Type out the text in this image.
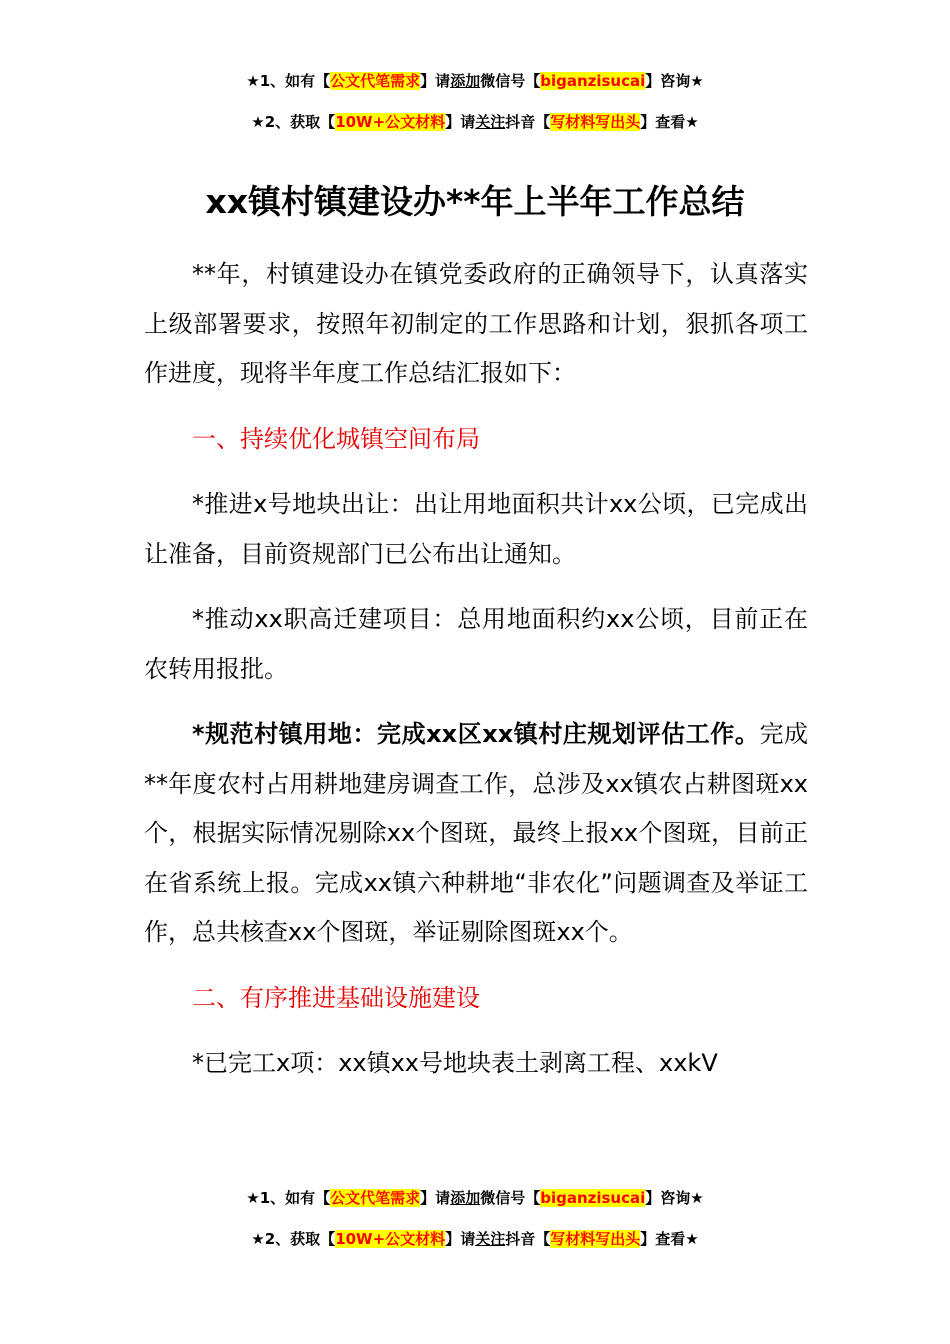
★1、如有【公文代笔需求】请添加微信号【biganzisucai】咨询★
★2、获取【10W+公文材料】请关注抖音【写材料写出头】查看★
xx镇村镇建设办**年上半年工作总结

**年，村镇建设办在镇党委政府的正确领导下，认真落实上级部署要求，按照年初制定的工作思路和计划，狠抓各项工作进度，现将半年度工作总结汇报如下：

一、持续优化城镇空间布局

*推进x号地块出让：出让用地面积共计xx公顷，已完成出让准备，目前资规部门已公布出让通知。

*推动xx职高迁建项目：总用地面积约xx公顷，目前正在农转用报批。

*规范村镇用地：完成xx区xx镇村庄规划评估工作。完成**年度农村占用耕地建房调查工作，总涉及xx镇农占耕图斑xx个，根据实际情况剔除xx个图斑，最终上报xx个图斑，目前正在省系统上报。完成xx镇六种耕地“非农化”问题调查及举证工作，总共核查xx个图斑，举证剔除图斑xx个。

二、有序推进基础设施建设

*已完工x项：xx镇xx号地块表土剥离工程、xxkV

★1、如有【公文代笔需求】请添加微信号【biganzisucai】咨询★
★2、获取【10W+公文材料】请关注抖音【写材料写出头】查看★
